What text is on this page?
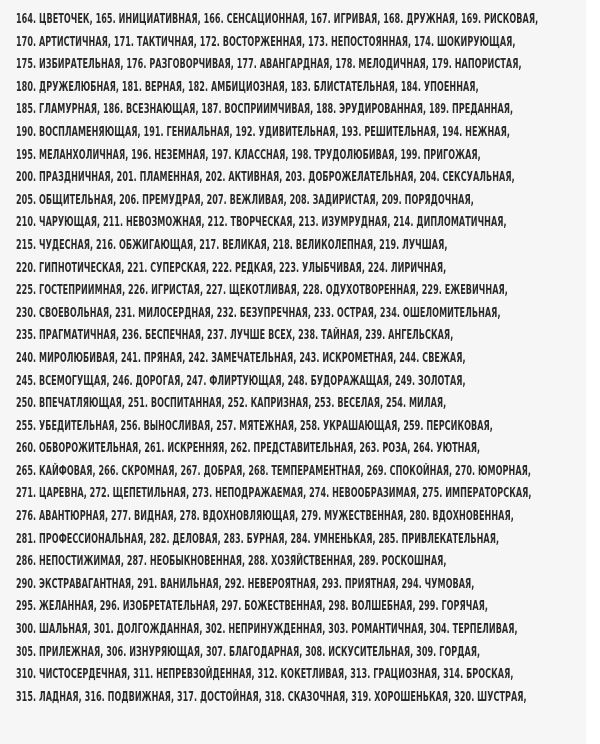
164. ЦВЕТОЧЕК, 165. ИНИЦИАТИВНАЯ, 166. СЕНСАЦИОННАЯ, 167. ИГРИВАЯ, 168. ДРУЖНАЯ, 169. РИСКОВАЯ,
170. АРТИСТИЧНАЯ, 171. ТАКТИЧНАЯ, 172. ВОСТОРЖЕННАЯ, 173. НЕПОСТОЯННАЯ, 174. ШОКИРУЮЩАЯ,
175. ИЗБИРАТЕЛЬНАЯ, 176. РАЗГОВОРЧИВАЯ, 177. АВАНГАРДНАЯ, 178. МЕЛОДИЧНАЯ, 179. НАПОРИСТАЯ,
180. ДРУЖЕЛЮБНАЯ, 181. ВЕРНАЯ, 182. АМБИЦИОЗНАЯ, 183. БЛИСТАТЕЛЬНАЯ, 184. УПОЕННАЯ,
185. ГЛАМУРНАЯ, 186. ВСЕЗНАЮЩАЯ, 187. ВОСПРИИМЧИВАЯ, 188. ЭРУДИРОВАННАЯ, 189. ПРЕДАННАЯ,
190. ВОСПЛАМЕНЯЮЩАЯ, 191. ГЕНИАЛЬНАЯ, 192. УДИВИТЕЛЬНАЯ, 193. РЕШИТЕЛЬНАЯ, 194. НЕЖНАЯ,
195. МЕЛАНХОЛИЧНАЯ, 196. НЕЗЕМНАЯ, 197. КЛАССНАЯ, 198. ТРУДОЛЮБИВАЯ, 199. ПРИГОЖАЯ,
200. ПРАЗДНИЧНАЯ, 201. ПЛАМЕННАЯ, 202. АКТИВНАЯ, 203. ДОБРОЖЕЛАТЕЛЬНАЯ, 204. СЕКСУАЛЬНАЯ,
205. ОБЩИТЕЛЬНАЯ, 206. ПРЕМУДРАЯ, 207. ВЕЖЛИВАЯ, 208. ЗАДИРИСТАЯ, 209. ПОРЯДОЧНАЯ,
210. ЧАРУЮЩАЯ, 211. НЕВОЗМОЖНАЯ, 212. ТВОРЧЕСКАЯ, 213. ИЗУМРУДНАЯ, 214. ДИПЛОМАТИЧНАЯ,
215. ЧУДЕСНАЯ, 216. ОБЖИГАЮЩАЯ, 217. ВЕЛИКАЯ, 218. ВЕЛИКОЛЕПНАЯ, 219. ЛУЧШАЯ,
220. ГИПНОТИЧЕСКАЯ, 221. СУПЕРСКАЯ, 222. РЕДКАЯ, 223. УЛЫБЧИВАЯ, 224. ЛИРИЧНАЯ,
225. ГОСТЕПРИИМНАЯ, 226. ИГРИСТАЯ, 227. ЩЕКОТЛИВАЯ, 228. ОДУХОТВОРЕННАЯ, 229. ЕЖЕВИЧНАЯ,
230. СВОЕВОЛЬНАЯ, 231. МИЛОСЕРДНАЯ, 232. БЕЗУПРЕЧНАЯ, 233. ОСТРАЯ, 234. ОШЕЛОМИТЕЛЬНАЯ,
235. ПРАГМАТИЧНАЯ, 236. БЕСПЕЧНАЯ, 237. ЛУЧШЕ ВСЕХ, 238. ТАЙНАЯ, 239. АНГЕЛЬСКАЯ,
240. МИРОЛЮБИВАЯ, 241. ПРЯНАЯ, 242. ЗАМЕЧАТЕЛЬНАЯ, 243. ИСКРОМЕТНАЯ, 244. СВЕЖАЯ,
245. ВСЕМОГУЩАЯ, 246. ДОРОГАЯ, 247. ФЛИРТУЮЩАЯ, 248. БУДОРАЖАЩАЯ, 249. ЗОЛОТАЯ,
250. ВПЕЧАТЛЯЮЩАЯ, 251. ВОСПИТАННАЯ, 252. КАПРИЗНАЯ, 253. ВЕСЕЛАЯ, 254. МИЛАЯ,
255. УБЕДИТЕЛЬНАЯ, 256. ВЫНОСЛИВАЯ, 257. МЯТЕЖНАЯ, 258. УКРАШАЮЩАЯ, 259. ПЕРСИКОВАЯ,
260. ОБВОРОЖИТЕЛЬНАЯ, 261. ИСКРЕННЯЯ, 262. ПРЕДСТАВИТЕЛЬНАЯ, 263. РОЗА, 264. УЮТНАЯ,
265. КАЙФОВАЯ, 266. СКРОМНАЯ, 267. ДОБРАЯ, 268. ТЕМПЕРАМЕНТНАЯ, 269. СПОКОЙНАЯ, 270. ЮМОРНАЯ,
271. ЦАРЕВНА, 272. ЩЕПЕТИЛЬНАЯ, 273. НЕПОДРАЖАЕМАЯ, 274. НЕВООБРАЗИМАЯ, 275. ИМПЕРАТОРСКАЯ,
276. АВАНТЮРНАЯ, 277. ВИДНАЯ, 278. ВДОХНОВЛЯЮЩАЯ, 279. МУЖЕСТВЕННАЯ, 280. ВДОХНОВЕННАЯ,
281. ПРОФЕССИОНАЛЬНАЯ, 282. ДЕЛОВАЯ, 283. БУРНАЯ, 284. УМНЕНЬКАЯ, 285. ПРИВЛЕКАТЕЛЬНАЯ,
286. НЕПОСТИЖИМАЯ, 287. НЕОБЫКНОВЕННАЯ, 288. ХОЗЯЙСТВЕННАЯ, 289. РОСКОШНАЯ,
290. ЭКСТРАВАГАНТНАЯ, 291. ВАНИЛЬНАЯ, 292. НЕВЕРОЯТНАЯ, 293. ПРИЯТНАЯ, 294. ЧУМОВАЯ,
295. ЖЕЛАННАЯ, 296. ИЗОБРЕТАТЕЛЬНАЯ, 297. БОЖЕСТВЕННАЯ, 298. ВОЛШЕБНАЯ, 299. ГОРЯЧАЯ,
300. ШАЛЬНАЯ, 301. ДОЛГОЖДАННАЯ, 302. НЕПРИНУЖДЕННАЯ, 303. РОМАНТИЧНАЯ, 304. ТЕРПЕЛИВАЯ,
305. ПРИЛЕЖНАЯ, 306. ИЗНУРЯЮЩАЯ, 307. БЛАГОДАРНАЯ, 308. ИСКУСИТЕЛЬНАЯ, 309. ГОРДАЯ,
310. ЧИСТОСЕРДЕЧНАЯ, 311. НЕПРЕВЗОЙДЕННАЯ, 312. КОКЕТЛИВАЯ, 313. ГРАЦИОЗНАЯ, 314. БРОСКАЯ,
315. ЛАДНАЯ, 316. ПОДВИЖНАЯ, 317. ДОСТОЙНАЯ, 318. СКАЗОЧНАЯ, 319. ХОРОШЕНЬКАЯ, 320. ШУСТРАЯ,
